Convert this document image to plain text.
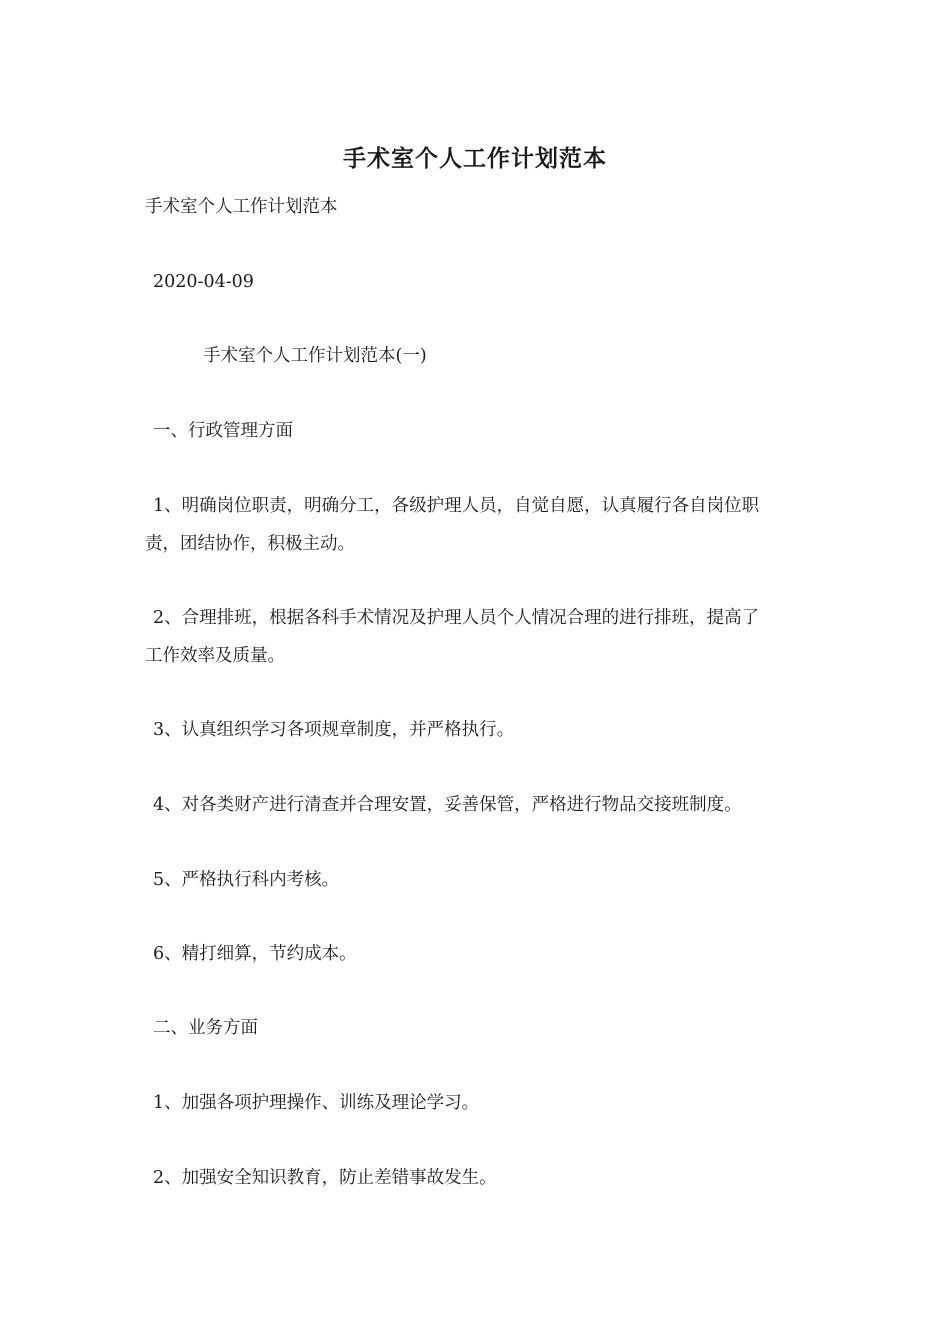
手术室个人工作计划范本
手术室个人工作计划范本
2020-04-09
手术室个人工作计划范本(一)
一、行政管理方面
1、明确岗位职责，明确分工，各级护理人员，自觉自愿，认真履行各自岗位职
责，团结协作，积极主动。
2、合理排班，根据各科手术情况及护理人员个人情况合理的进行排班，提高了
工作效率及质量。
3、认真组织学习各项规章制度，并严格执行。
4、对各类财产进行清查并合理安置，妥善保管，严格进行物品交接班制度。
5、严格执行科内考核。
6、精打细算，节约成本。
二、业务方面
1、加强各项护理操作、训练及理论学习。
2、加强安全知识教育，防止差错事故发生。
